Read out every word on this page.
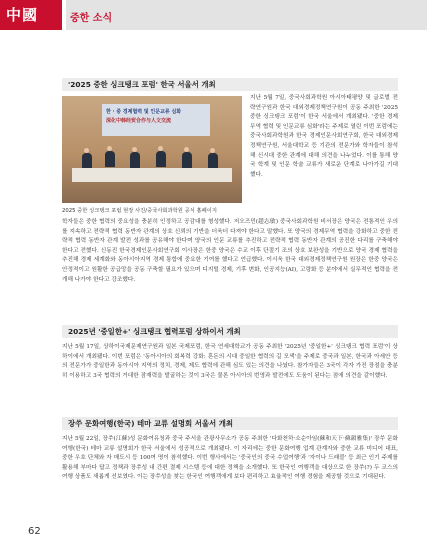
中國	중한 소식
'2025 중한 싱크탱크 포럼' 한국 서울서 개최
한 · 중 경제협력 및 인문교류 심화
深化中韩经贸合作与人文交流
2025 중한 싱크탱크 포럼 현장 사진/중국사회과학원 공식 홈페이지

지난 5월 7일, 중국사회과학원 아시아태평양 및 글로벌 전략연구원과 한국 대외경제정책연구원이 공동 주최한 '2025 중한 싱크탱크 포럼'이 한국 서울에서 개최됐다. '중한 경제무역 협력 및 인문교류 심화'라는 주제로 열린 이번 포럼에는 중국사회과학원과 한국 경제인문사회연구회, 한국 대외경제정책연구원, 서울대학교 등 기관의 전문가와 학자들이 참석해 신시대 중한 관계에 대해 의견을 나누었다. 이를 통해 양국 학계 및 인문 학술 교류가 새로운 단계로 나아가길 기대했다.

학자들은 중한 협력의 중요성을 충분히 인정하고 공감대를 형성했다. 저오즈민(趙志敏) 중국사회과학원 비서장은 양국은 전통적인 우의를 지속하고 전략적 협력 동반자 관계의 상호 신뢰의 기반을 더욱더 다져야 한다고 말했다. 또 양국의 경제무역 협력을 강화하고 중한 전략적 협력 동반자 관계 발전 성과를 공유해야 한다며 양국의 인문 교류를 추진하고 전략적 협력 동반자 관계의 공진한 다리를 구축해야 한다고 전했다. 신동진 한국경제인문사회연구회 이사장은 한중 양국은 수교 이후 단절기 조의 상호 보완성을 기반으로 양국 경제 협력을 추진해 경제 세계화와 동아시아지역 경제 통합에 중요한 기여를 했다고 언급했다. 이시욱 한국 대외경제정책연구원 원장은 한중 양국은 안정적이고 원활한 공급망을 공동 구축할 필요가 있으며 디지털 경제, 기후 변화, 인공지능(AI), 고령화 등 분야에서 실무적인 협력을 전개해 나가야 한다고 강조했다.

2025년 '중일한+' 싱크탱크 협력포럼 상하이서 개최

지난 5월 17일, 상하이국제문제연구원과 일본 국제포럼, 한국 연세대학교가 공동 주최한 '2025년 '중일한+' 싱크탱크 협력 포럼'이 상하이에서 개최됐다. 이번 포럼은 '동아시아의 회복력 강화: 혼돈의 시대 중일한 협력의 길 모색'을 주제로 중국과 일본, 한국과 아세안 등의 전문가가 중일한과 동아시아 지역의 정치, 경제, 제도 협력에 관해 심도 있는 의견을 나눴다. 참가자들은 3국이 각자 가진 장점을 충분히 이용하고 3국 협력의 거대한 잠재력을 발굴하는 것이 3국은 물론 아시아의 번영과 발전에도 도움이 된다는 점에 의견을 같이했다.

장쑤 문화여행(한국) 테마 교류 설명회 서울서 개최

지난 5월 22일, 장쑤(江蘇)성 문화여유청과 중국 주서울 관광사무소가 공동 주최한 '다화천하·소순아임(蘇和天下·蘇韻雅集)' 장쑤 문화여행(한국) 테마 교류 설명회가 한국 서울에서 성공적으로 개최됐다. 이 자리에는 중한 문화여행 업계 관계자와 중한 교류 미디어 대표, 중한 우호 단체와 자 매도시 등 100여 명이 참석했다. 이번 행사에서는 '중국인의 중국 수업여행'과 '자이나 드래블' 등 최근 인기 주제를 활용해 부마다 답고 정책과 장쑤성 내 간편 결제 시스템 등에 대한 정책을 소개했다. 또 한국인 여행객을 대상으로 한 장쑤(?) 두 코스의 여행 상품도 새롭게 선보였다. 이는 장쑤성을 찾는 한국인 여행객에게 보다 편리하고 효율적인 여행 경험을 제공할 것으로 기대된다.

62
